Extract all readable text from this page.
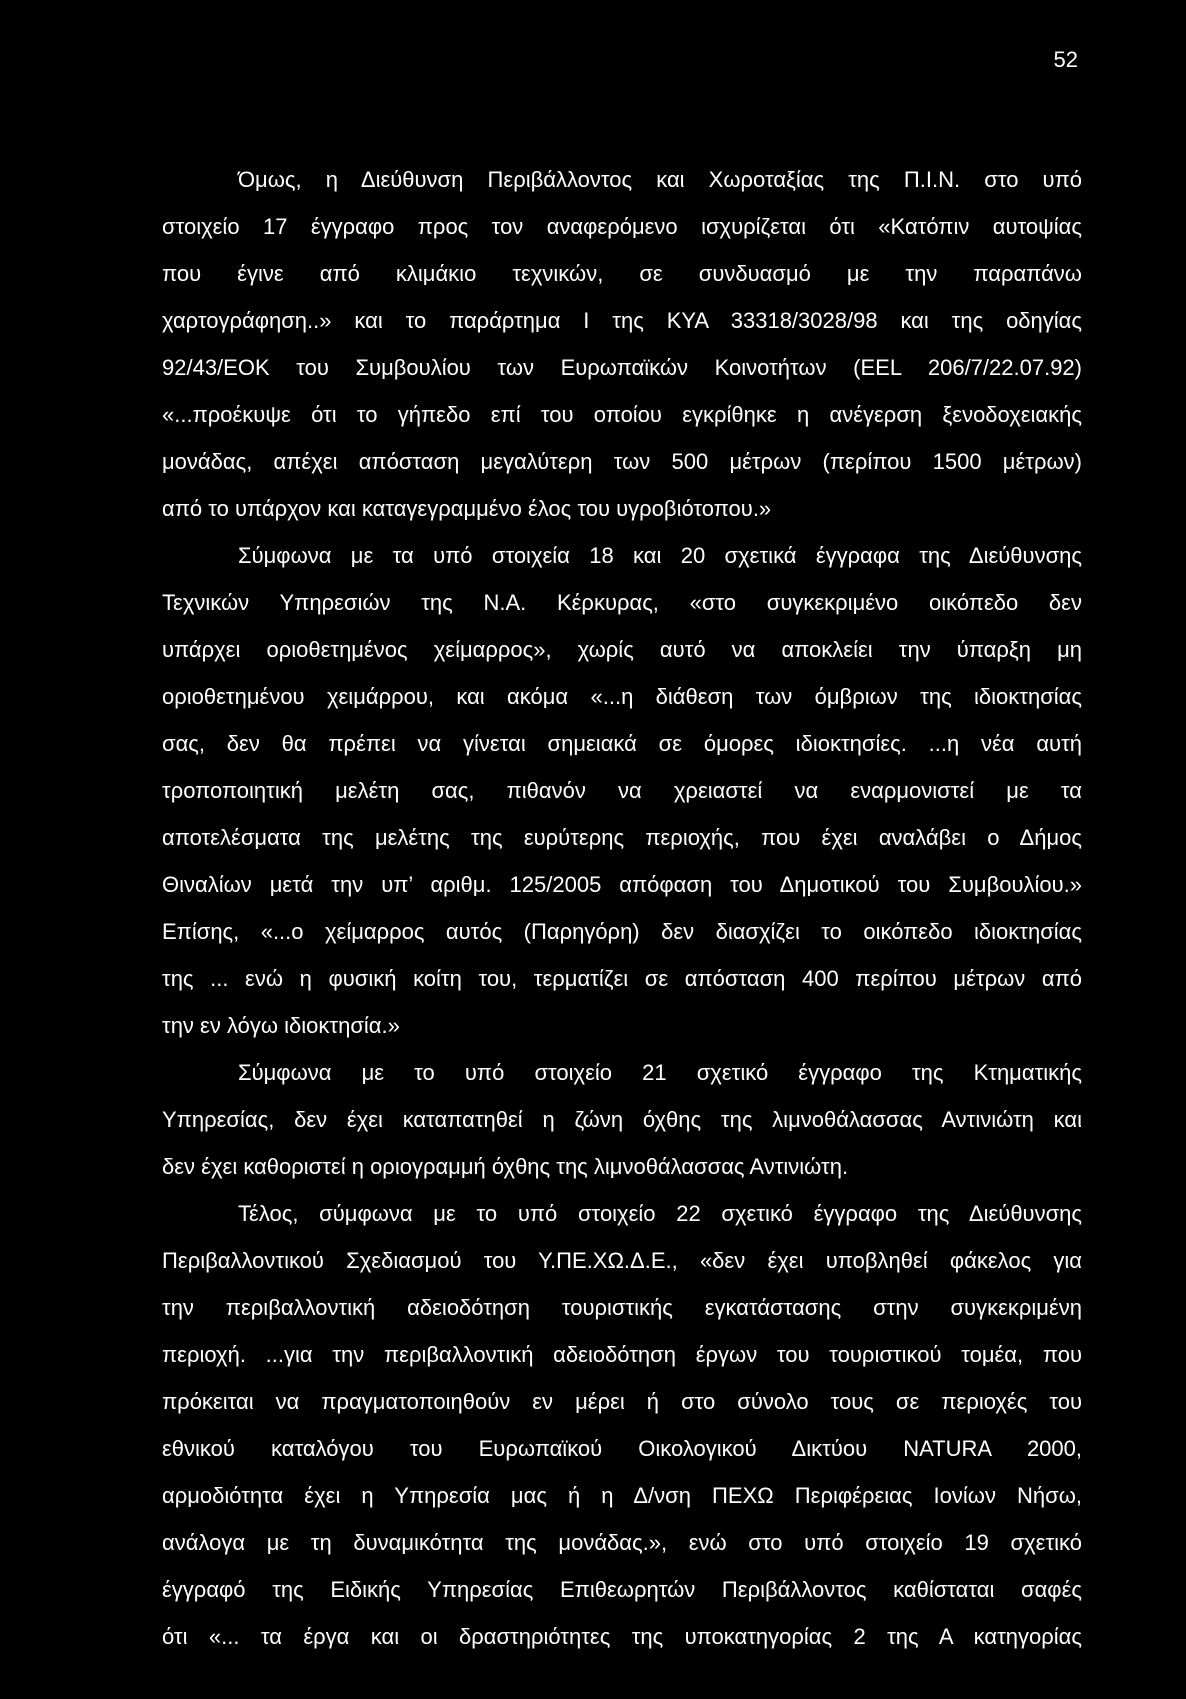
52
Όμως, η Διεύθυνση Περιβάλλοντος και Χωροταξίας της Π.Ι.Ν. στο υπό
στοιχείο 17 έγγραφο προς τον αναφερόμενο ισχυρίζεται ότι «Κατόπιν αυτοψίας
που έγινε από κλιμάκιο τεχνικών, σε συνδυασμό με την παραπάνω
χαρτογράφηση..» και το παράρτημα Ι της ΚΥΑ 33318/3028/98 και της οδηγίας
92/43/ΕΟΚ του Συμβουλίου των Ευρωπαϊκών Κοινοτήτων (EEL 206/7/22.07.92)
«...προέκυψε ότι το γήπεδο επί του οποίου εγκρίθηκε η ανέγερση ξενοδοχειακής
μονάδας, απέχει απόσταση μεγαλύτερη των 500 μέτρων (περίπου 1500 μέτρων)
από το υπάρχον και καταγεγραμμένο έλος του υγροβιότοπου.»
Σύμφωνα με τα υπό στοιχεία 18 και 20 σχετικά έγγραφα της Διεύθυνσης
Τεχνικών Υπηρεσιών της Ν.Α. Κέρκυρας, «στο συγκεκριμένο οικόπεδο δεν
υπάρχει οριοθετημένος χείμαρρος», χωρίς αυτό να αποκλείει την ύπαρξη μη
οριοθετημένου χειμάρρου, και ακόμα «...η διάθεση των όμβριων της ιδιοκτησίας
σας, δεν θα πρέπει να γίνεται σημειακά σε όμορες ιδιοκτησίες. ...η νέα αυτή
τροποποιητική μελέτη σας, πιθανόν να χρειαστεί να εναρμονιστεί με τα
αποτελέσματα της μελέτης της ευρύτερης περιοχής, που έχει αναλάβει ο Δήμος
Θιναλίων μετά την υπ’ αριθμ. 125/2005 απόφαση του Δημοτικού του Συμβουλίου.»
Επίσης, «...ο χείμαρρος αυτός (Παρηγόρη) δεν διασχίζει το οικόπεδο ιδιοκτησίας
της ... ενώ η φυσική κοίτη του, τερματίζει σε απόσταση 400 περίπου μέτρων από
την εν λόγω ιδιοκτησία.»
Σύμφωνα με το υπό στοιχείο 21 σχετικό έγγραφο της Κτηματικής
Υπηρεσίας, δεν έχει καταπατηθεί η ζώνη όχθης της λιμνοθάλασσας Αντινιώτη και
δεν έχει καθοριστεί η οριογραμμή όχθης της λιμνοθάλασσας Αντινιώτη.
Τέλος, σύμφωνα με το υπό στοιχείο 22 σχετικό έγγραφο της Διεύθυνσης
Περιβαλλοντικού Σχεδιασμού του Υ.ΠΕ.ΧΩ.Δ.Ε., «δεν έχει υποβληθεί φάκελος για
την περιβαλλοντική αδειοδότηση τουριστικής εγκατάστασης στην συγκεκριμένη
περιοχή. ...για την περιβαλλοντική αδειοδότηση έργων του τουριστικού τομέα, που
πρόκειται να πραγματοποιηθούν εν μέρει ή στο σύνολο τους σε περιοχές του
εθνικού καταλόγου του Ευρωπαϊκού Οικολογικού Δικτύου NATURA 2000,
αρμοδιότητα έχει η Υπηρεσία μας ή η Δ/νση ΠΕΧΩ Περιφέρειας Ιονίων Νήσω,
ανάλογα με τη δυναμικότητα της μονάδας.», ενώ στο υπό στοιχείο 19 σχετικό
έγγραφό της Ειδικής Υπηρεσίας Επιθεωρητών Περιβάλλοντος καθίσταται σαφές
ότι «... τα έργα και οι δραστηριότητες της υποκατηγορίας 2 της Α κατηγορίας
